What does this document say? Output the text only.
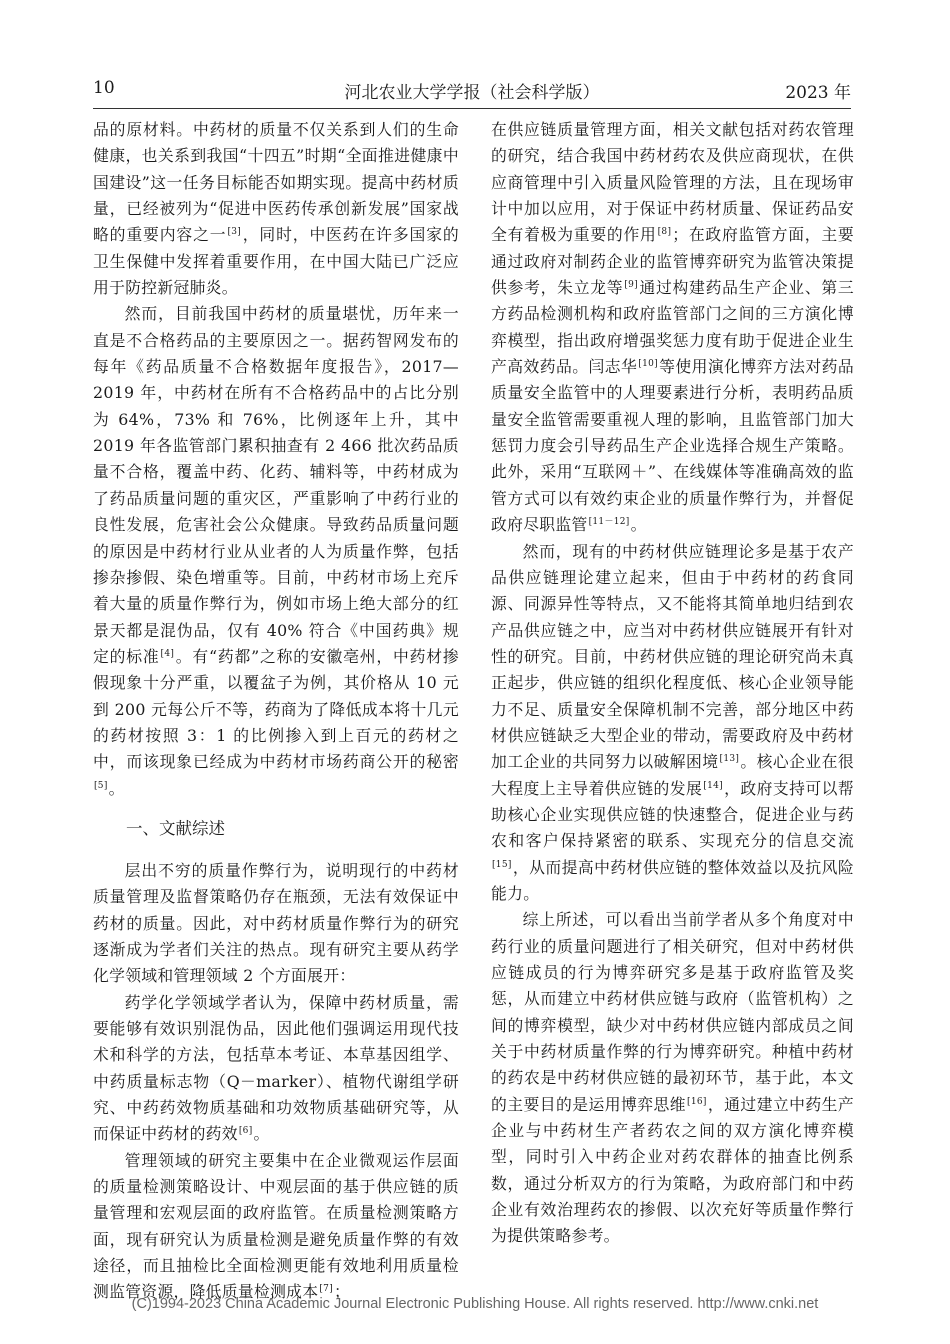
10	河北农业大学学报（社会科学版）	2023 年

品的原材料。中药材的质量不仅关系到人们的生命健康，也关系到我国“十四五”时期“全面推进健康中国建设”这一任务目标能否如期实现。提高中药材质量，已经被列为“促进中医药传承创新发展”国家战略的重要内容之一[3]，同时，中医药在许多国家的卫生保健中发挥着重要作用，在中国大陆已广泛应用于防控新冠肺炎。

然而，目前我国中药材的质量堪忧，历年来一直是不合格药品的主要原因之一。据药智网发布的每年《药品质量不合格数据年度报告》，2017—2019 年，中药材在所有不合格药品中的占比分别为 64%，73% 和 76%，比例逐年上升，其中 2019 年各监管部门累积抽查有 2 466 批次药品质量不合格，覆盖中药、化药、辅料等，中药材成为了药品质量问题的重灾区，严重影响了中药行业的良性发展，危害社会公众健康。导致药品质量问题的原因是中药材行业从业者的人为质量作弊，包括掺杂掺假、染色增重等。目前，中药材市场上充斥着大量的质量作弊行为，例如市场上绝大部分的红景天都是混伪品，仅有 40% 符合《中国药典》规定的标准[4]。有“药都”之称的安徽亳州，中药材掺假现象十分严重，以覆盆子为例，其价格从 10 元到 200 元每公斤不等，药商为了降低成本将十几元的药材按照 3：1 的比例掺入到上百元的药材之中，而该现象已经成为中药材市场药商公开的秘密[5]。

一、文献综述

层出不穷的质量作弊行为，说明现行的中药材质量管理及监督策略仍存在瓶颈，无法有效保证中药材的质量。因此，对中药材质量作弊行为的研究逐渐成为学者们关注的热点。现有研究主要从药学化学领域和管理领域 2 个方面展开：

药学化学领域学者认为，保障中药材质量，需要能够有效识别混伪品，因此他们强调运用现代技术和科学的方法，包括草本考证、本草基因组学、中药质量标志物（Q－marker）、植物代谢组学研究、中药药效物质基础和功效物质基础研究等，从而保证中药材的药效[6]。

管理领域的研究主要集中在企业微观运作层面的质量检测策略设计、中观层面的基于供应链的质量管理和宏观层面的政府监管。在质量检测策略方面，现有研究认为质量检测是避免质量作弊的有效途径，而且抽检比全面检测更能有效地利用质量检测监管资源，降低质量检测成本[7]；

在供应链质量管理方面，相关文献包括对药农管理的研究，结合我国中药材药农及供应商现状，在供应商管理中引入质量风险管理的方法，且在现场审计中加以应用，对于保证中药材质量、保证药品安全有着极为重要的作用[8]；在政府监管方面，主要通过政府对制药企业的监管博弈研究为监管决策提供参考，朱立龙等[9]通过构建药品生产企业、第三方药品检测机构和政府监管部门之间的三方演化博弈模型，指出政府增强奖惩力度有助于促进企业生产高效药品。闫志华[10]等使用演化博弈方法对药品质量安全监管中的人理要素进行分析，表明药品质量安全监管需要重视人理的影响，且监管部门加大惩罚力度会引导药品生产企业选择合规生产策略。此外，采用“互联网＋”、在线媒体等准确高效的监管方式可以有效约束企业的质量作弊行为，并督促政府尽职监管[11－12]。

然而，现有的中药材供应链理论多是基于农产品供应链理论建立起来，但由于中药材的药食同源、同源异性等特点，又不能将其简单地归结到农产品供应链之中，应当对中药材供应链展开有针对性的研究。目前，中药材供应链的理论研究尚未真正起步，供应链的组织化程度低、核心企业领导能力不足、质量安全保障机制不完善，部分地区中药材供应链缺乏大型企业的带动，需要政府及中药材加工企业的共同努力以破解困境[13]。核心企业在很大程度上主导着供应链的发展[14]，政府支持可以帮助核心企业实现供应链的快速整合，促进企业与药农和客户保持紧密的联系、实现充分的信息交流[15]，从而提高中药材供应链的整体效益以及抗风险能力。

综上所述，可以看出当前学者从多个角度对中药行业的质量问题进行了相关研究，但对中药材供应链成员的行为博弈研究多是基于政府监管及奖惩，从而建立中药材供应链与政府（监管机构）之间的博弈模型，缺少对中药材供应链内部成员之间关于中药材质量作弊的行为博弈研究。种植中药材的药农是中药材供应链的最初环节，基于此，本文的主要目的是运用博弈思维[16]，通过建立中药生产企业与中药材生产者药农之间的双方演化博弈模型，同时引入中药企业对药农群体的抽查比例系数，通过分析双方的行为策略，为政府部门和中药企业有效治理药农的掺假、以次充好等质量作弊行为提供策略参考。

(C)1994-2023 China Academic Journal Electronic Publishing House. All rights reserved. http://www.cnki.net
